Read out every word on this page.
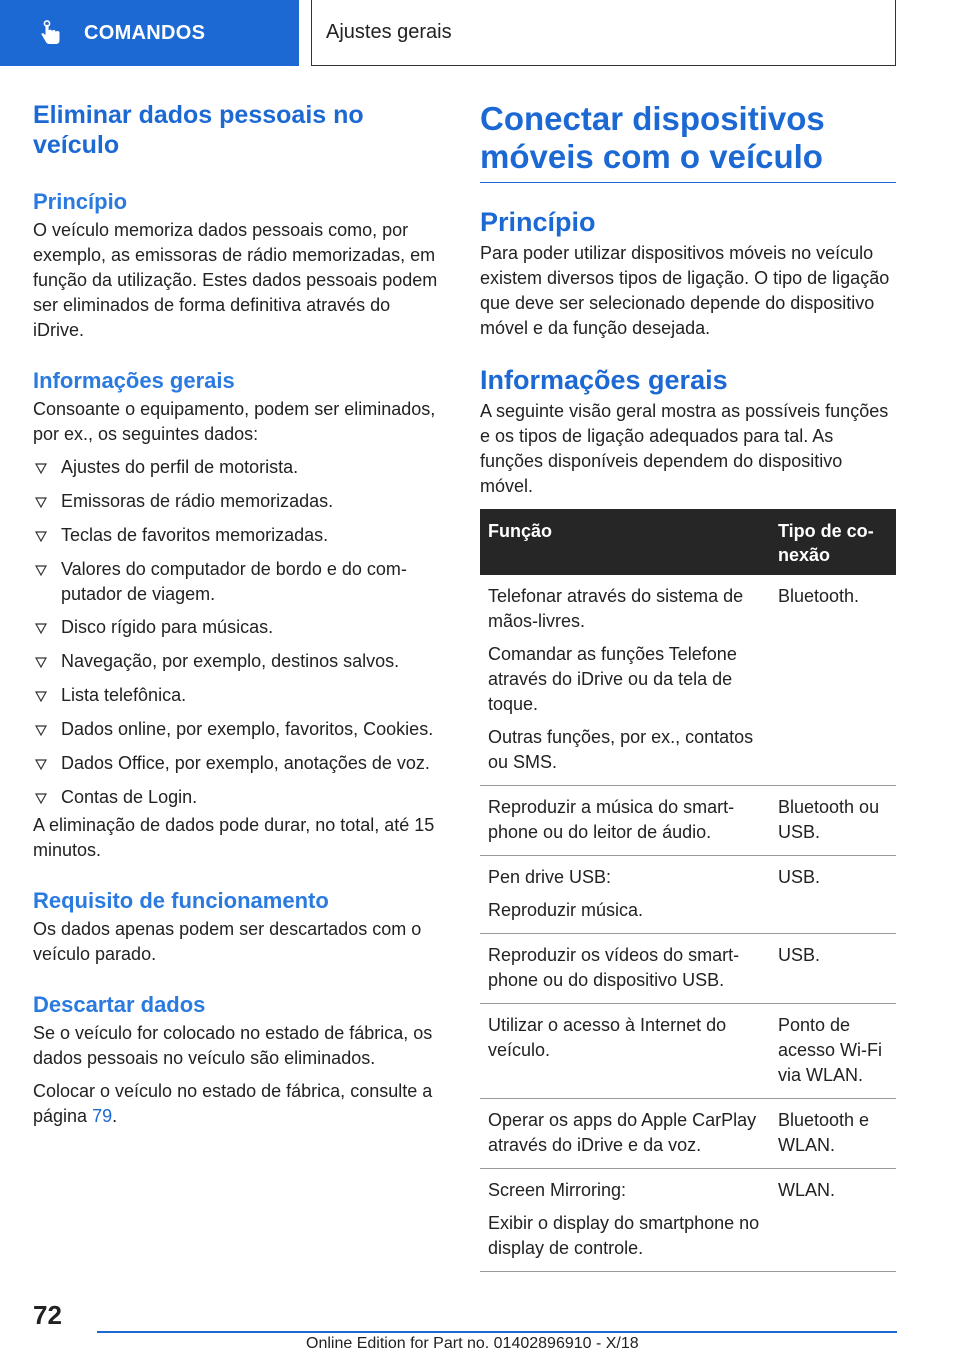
COMANDOS	Ajustes gerais
Eliminar dados pessoais no veículo
Princípio

O veículo memoriza dados pessoais como, por exemplo, as emissoras de rádio memorizadas, em função da utilização. Estes dados pessoais podem ser eliminados de forma definitiva através do iDrive.

Informações gerais

Consoante o equipamento, podem ser eliminados, por ex., os seguintes dados:

Ajustes do perfil de motorista.
Emissoras de rádio memorizadas.
Teclas de favoritos memorizadas.
Valores do computador de bordo e do computador de viagem.
Disco rígido para músicas.
Navegação, por exemplo, destinos salvos.
Lista telefônica.
Dados online, por exemplo, favoritos, Cookies.
Dados Office, por exemplo, anotações de voz.
Contas de Login.

A eliminação de dados pode durar, no total, até 15 minutos.

Requisito de funcionamento

Os dados apenas podem ser descartados com o veículo parado.

Descartar dados

Se o veículo for colocado no estado de fábrica, os dados pessoais no veículo são eliminados.

Colocar o veículo no estado de fábrica, consulte a página 79.

Conectar dispositivos móveis com o veículo
Princípio

Para poder utilizar dispositivos móveis no veículo existem diversos tipos de ligação. O tipo de ligação que deve ser selecionado depende do dispositivo móvel e da função desejada.

Informações gerais

A seguinte visão geral mostra as possíveis funções e os tipos de ligação adequados para tal. As funções disponíveis dependem do dispositivo móvel.

Função	Tipo de conexão

Telefonar através do sistema de mãos-livres.

Comandar as funções Telefone através do iDrive ou da tela de toque.

Outras funções, por ex., contatos ou SMS.	Bluetooth.

Reproduzir a música do smartphone ou do leitor de áudio.	Bluetooth ou USB.

Pen drive USB:

Reproduzir música.	USB.

Reproduzir os vídeos do smartphone ou do dispositivo USB.	USB.

Utilizar o acesso à Internet do veículo.	Ponto de acesso Wi-Fi via WLAN.

Operar os apps do Apple CarPlay através do iDrive e da voz.	Bluetooth e WLAN.

Screen Mirroring:

Exibir o display do smartphone no display de controle.	WLAN.
72
Online Edition for Part no. 01402896910 - X/18
